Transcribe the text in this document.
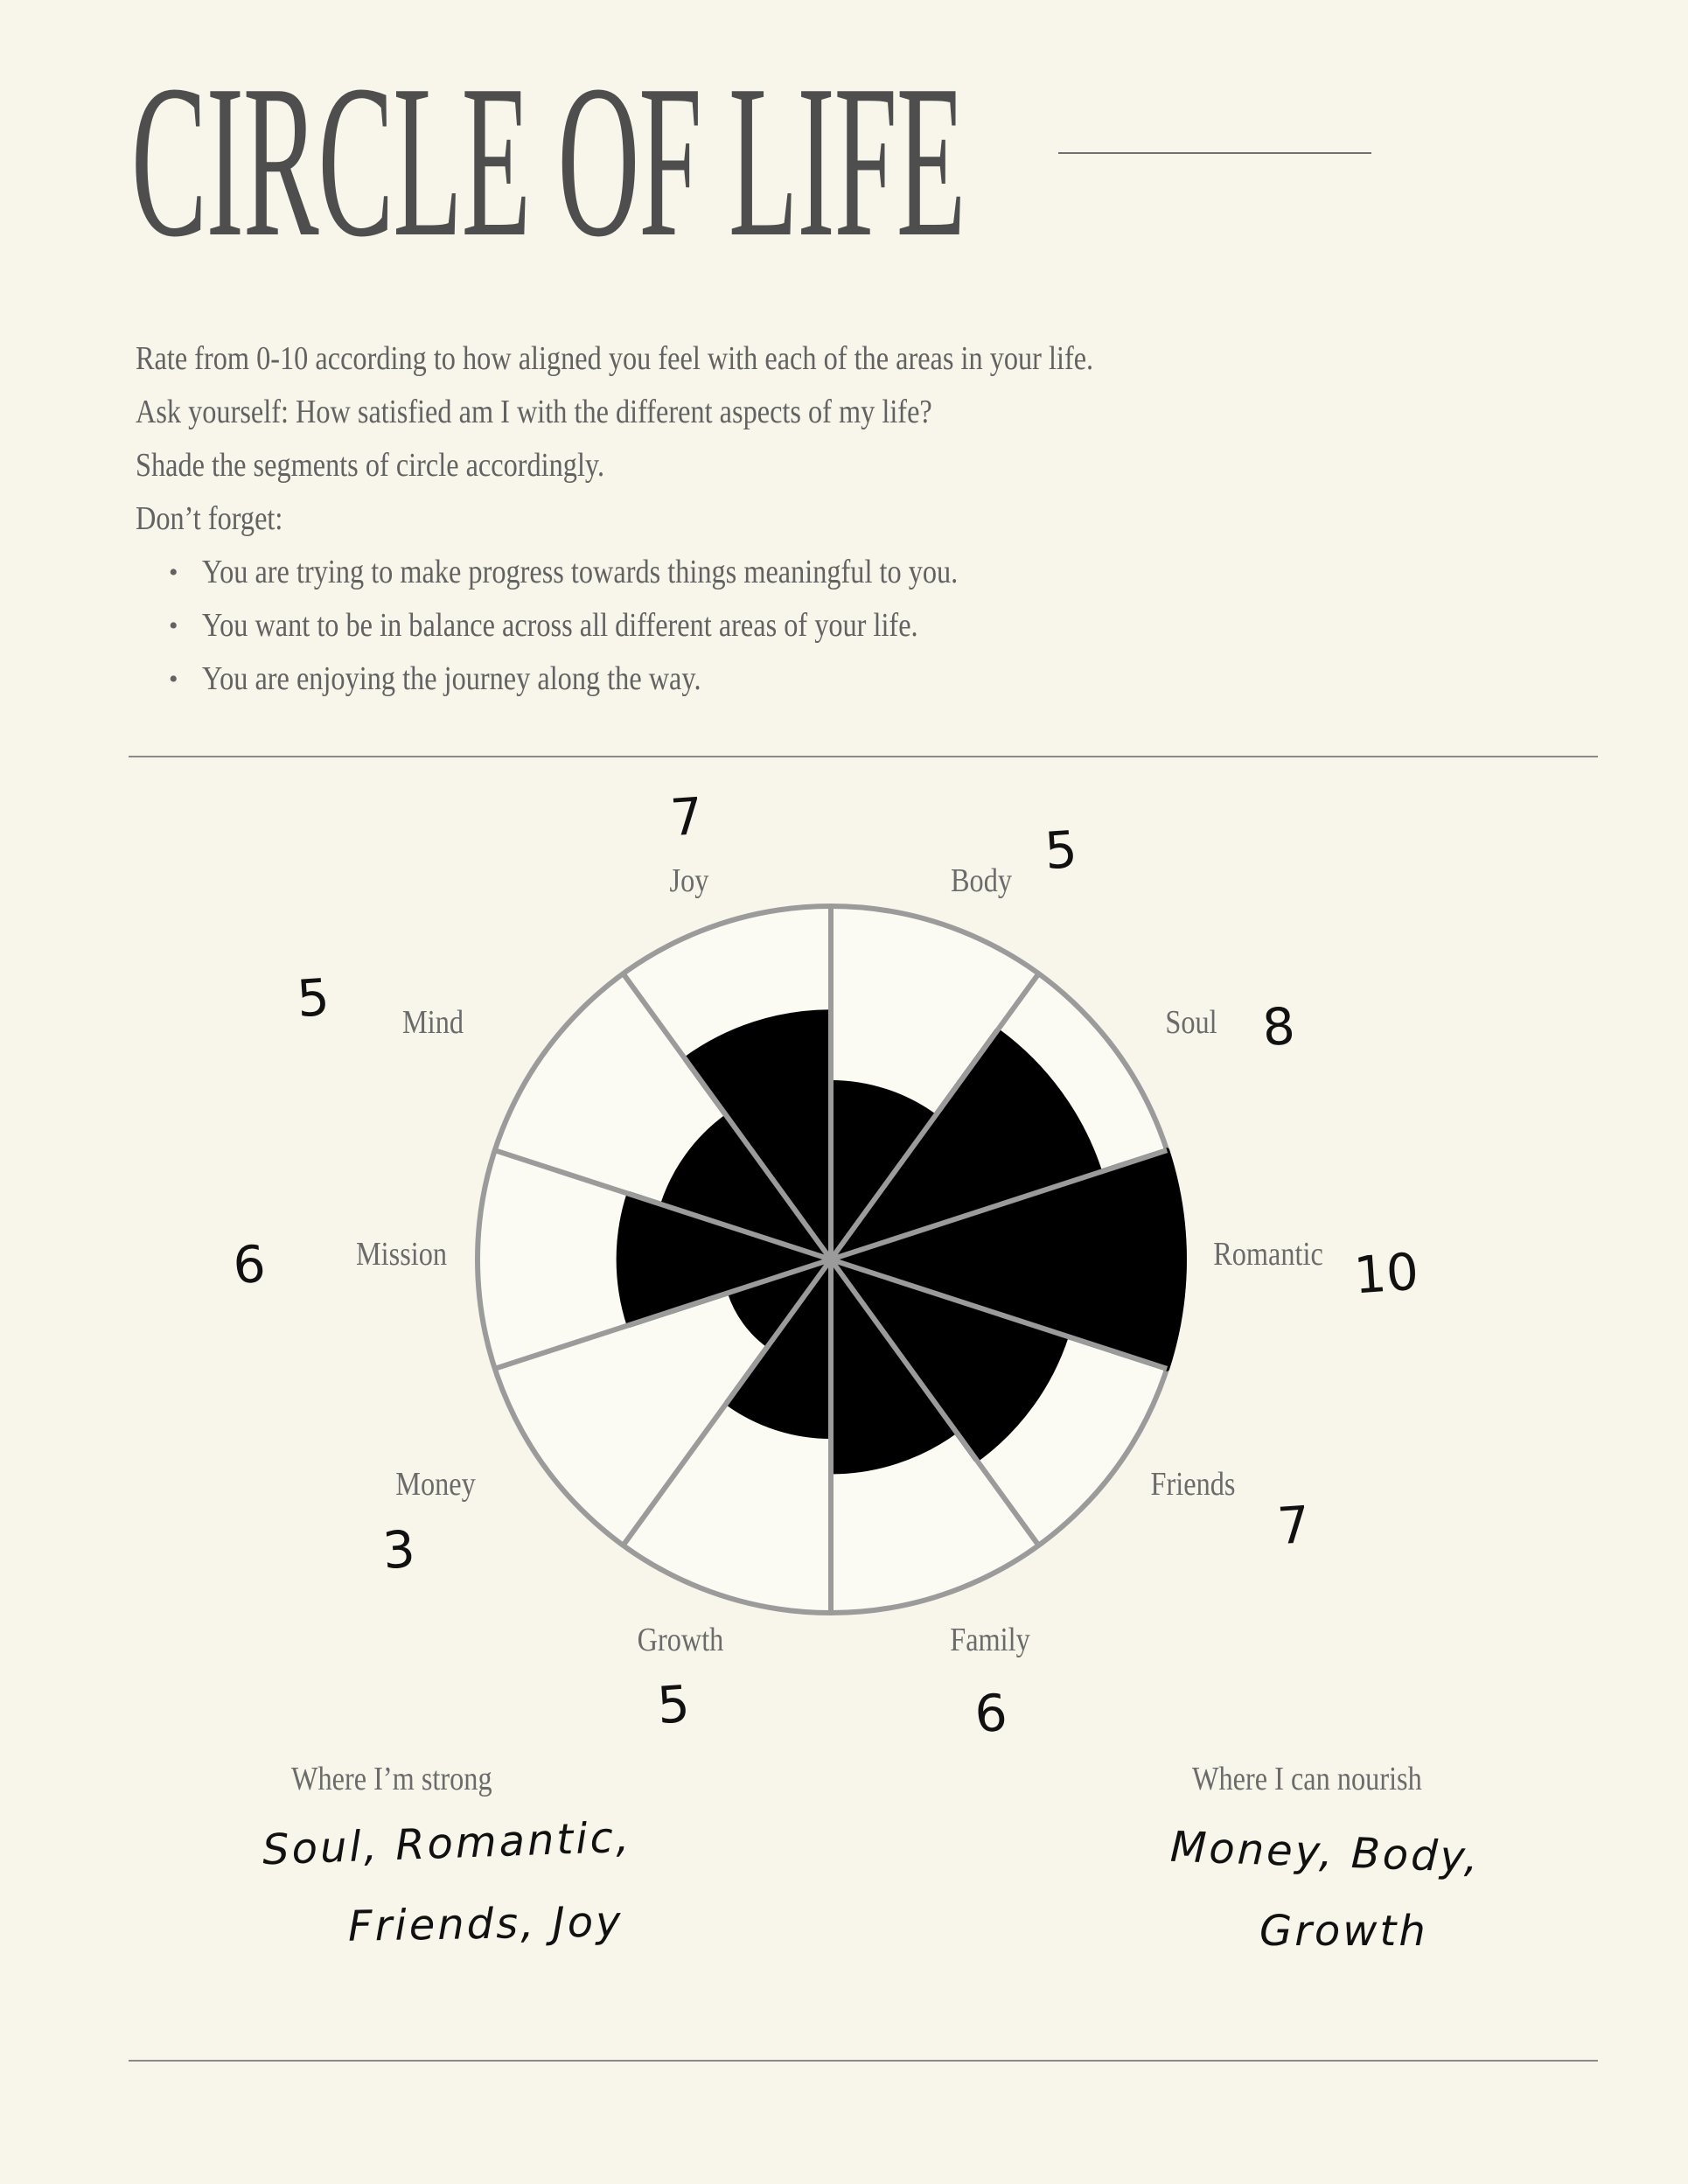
CIRCLE OF LIFE
Rate from 0-10 according to how aligned you feel with each of the areas in your life.
Ask yourself: How satisfied am I with the different aspects of my life?
Shade the segments of circle accordingly.
Don’t forget:
• You are trying to make progress towards things meaningful to you.
• You want to be in balance across all different areas of your life.
• You are enjoying the journey along the way.
Body
Soul
Romantic
Friends
Family
Growth
Money
Mission
Mind
Joy	5
8
10
7
6
5
3
6
5
7
Where I’m strong
Soul, Romantic,
Friends, Joy
Where I can nourish
Money, Body,
Growth
